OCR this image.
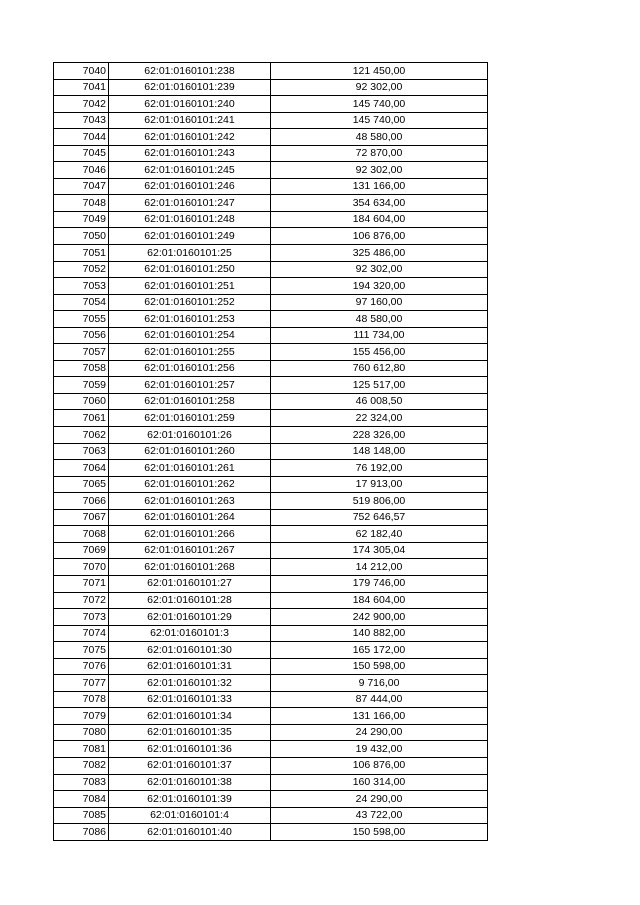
7040	62:01:0160101:238	121 450,00
7041	62:01:0160101:239	92 302,00
7042	62:01:0160101:240	145 740,00
7043	62:01:0160101:241	145 740,00
7044	62:01:0160101:242	48 580,00
7045	62:01:0160101:243	72 870,00
7046	62:01:0160101:245	92 302,00
7047	62:01:0160101:246	131 166,00
7048	62:01:0160101:247	354 634,00
7049	62:01:0160101:248	184 604,00
7050	62:01:0160101:249	106 876,00
7051	62:01:0160101:25	325 486,00
7052	62:01:0160101:250	92 302,00
7053	62:01:0160101:251	194 320,00
7054	62:01:0160101:252	97 160,00
7055	62:01:0160101:253	48 580,00
7056	62:01:0160101:254	111 734,00
7057	62:01:0160101:255	155 456,00
7058	62:01:0160101:256	760 612,80
7059	62:01:0160101:257	125 517,00
7060	62:01:0160101:258	46 008,50
7061	62:01:0160101:259	22 324,00
7062	62:01:0160101:26	228 326,00
7063	62:01:0160101:260	148 148,00
7064	62:01:0160101:261	76 192,00
7065	62:01:0160101:262	17 913,00
7066	62:01:0160101:263	519 806,00
7067	62:01:0160101:264	752 646,57
7068	62:01:0160101:266	62 182,40
7069	62:01:0160101:267	174 305,04
7070	62:01:0160101:268	14 212,00
7071	62:01:0160101:27	179 746,00
7072	62:01:0160101:28	184 604,00
7073	62:01:0160101:29	242 900,00
7074	62:01:0160101:3	140 882,00
7075	62:01:0160101:30	165 172,00
7076	62:01:0160101:31	150 598,00
7077	62:01:0160101:32	9 716,00
7078	62:01:0160101:33	87 444,00
7079	62:01:0160101:34	131 166,00
7080	62:01:0160101:35	24 290,00
7081	62:01:0160101:36	19 432,00
7082	62:01:0160101:37	106 876,00
7083	62:01:0160101:38	160 314,00
7084	62:01:0160101:39	24 290,00
7085	62:01:0160101:4	43 722,00
7086	62:01:0160101:40	150 598,00
